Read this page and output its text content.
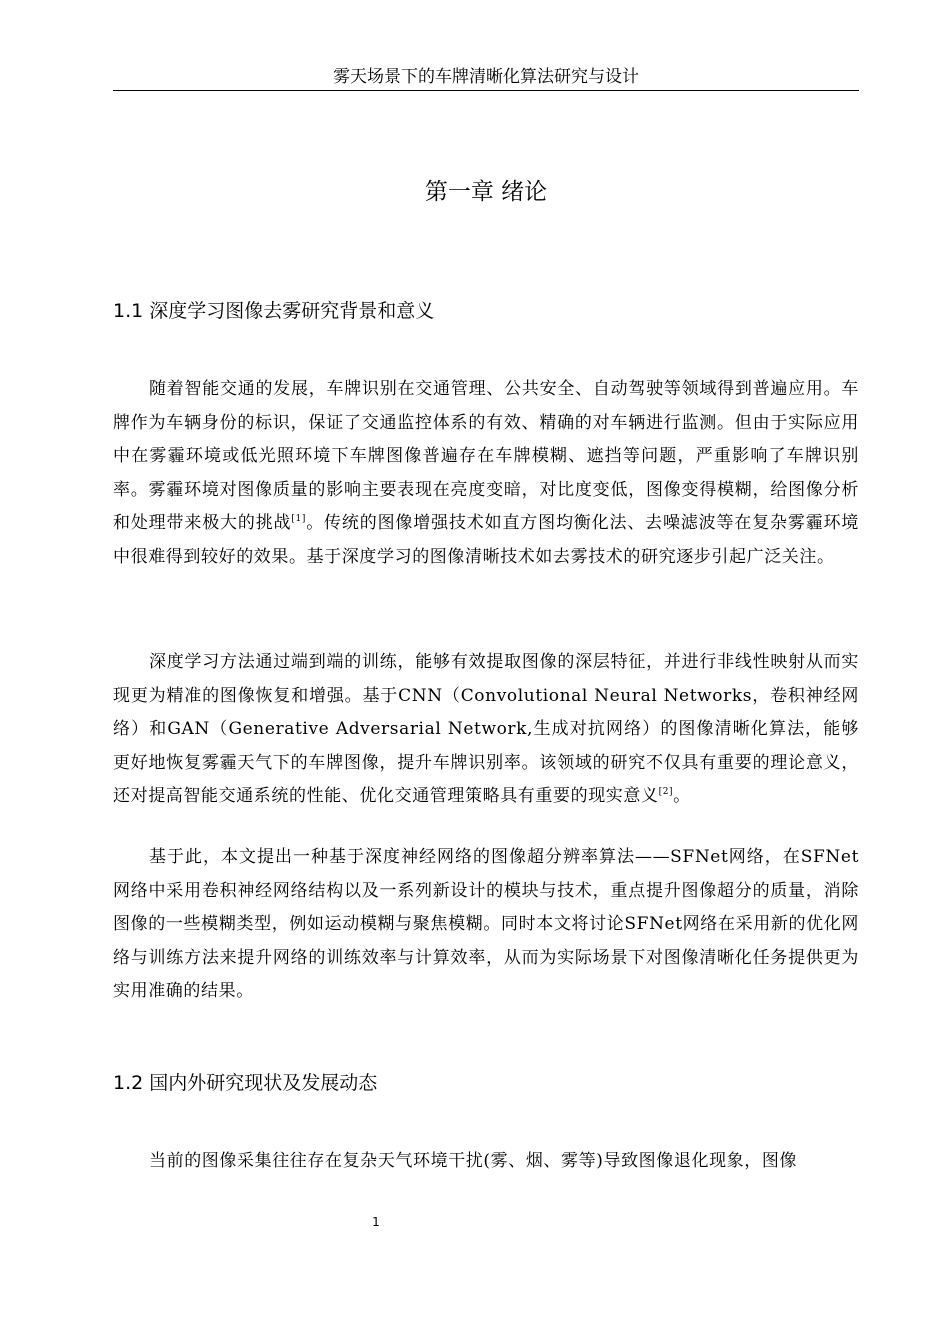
雾天场景下的车牌清晰化算法研究与设计
第一章 绪论
1.1 深度学习图像去雾研究背景和意义

随着智能交通的发展，车牌识别在交通管理、公共安全、自动驾驶等领域得到普遍应用。车牌作为车辆身份的标识，保证了交通监控体系的有效、精确的对车辆进行监测。但由于实际应用中在雾霾环境或低光照环境下车牌图像普遍存在车牌模糊、遮挡等问题，严重影响了车牌识别率。雾霾环境对图像质量的影响主要表现在亮度变暗，对比度变低，图像变得模糊，给图像分析和处理带来极大的挑战[1]。传统的图像增强技术如直方图均衡化法、去噪滤波等在复杂雾霾环境中很难得到较好的效果。基于深度学习的图像清晰技术如去雾技术的研究逐步引起广泛关注。

深度学习方法通过端到端的训练，能够有效提取图像的深层特征，并进行非线性映射从而实现更为精准的图像恢复和增强。基于CNN（Convolutional Neural Networks，卷积神经网络）和GAN（Generative Adversarial Network,生成对抗网络）的图像清晰化算法，能够更好地恢复雾霾天气下的车牌图像，提升车牌识别率。该领域的研究不仅具有重要的理论意义，还对提高智能交通系统的性能、优化交通管理策略具有重要的现实意义[2]。

基于此，本文提出一种基于深度神经网络的图像超分辨率算法——SFNet网络，在SFNet网络中采用卷积神经网络结构以及一系列新设计的模块与技术，重点提升图像超分的质量，消除图像的一些模糊类型，例如运动模糊与聚焦模糊。同时本文将讨论SFNet网络在采用新的优化网络与训练方法来提升网络的训练效率与计算效率，从而为实际场景下对图像清晰化任务提供更为实用准确的结果。

1.2 国内外研究现状及发展动态

当前的图像采集往往存在复杂天气环境干扰(雾、烟、雾等)导致图像退化现象，图像

1
